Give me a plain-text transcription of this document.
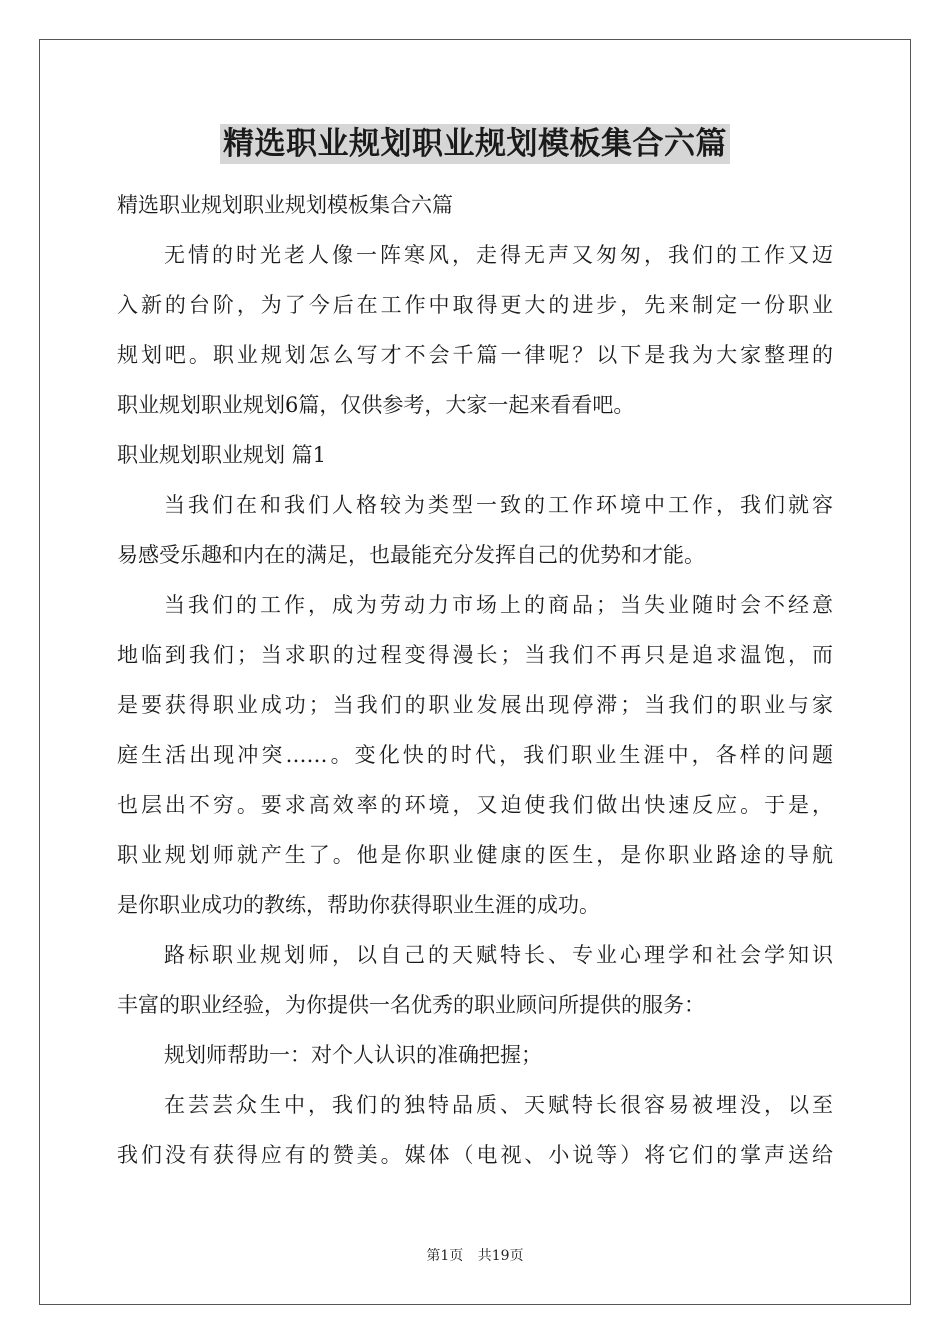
精选职业规划职业规划模板集合六篇
精选职业规划职业规划模板集合六篇
无情的时光老人像一阵寒风，走得无声又匆匆，我们的工作又迈
入新的台阶，为了今后在工作中取得更大的进步，先来制定一份职业
规划吧。职业规划怎么写才不会千篇一律呢？以下是我为大家整理的
职业规划职业规划6篇，仅供参考，大家一起来看看吧。
职业规划职业规划 篇1
当我们在和我们人格较为类型一致的工作环境中工作，我们就容
易感受乐趣和内在的满足，也最能充分发挥自己的优势和才能。
当我们的工作，成为劳动力市场上的商品；当失业随时会不经意
地临到我们；当求职的过程变得漫长；当我们不再只是追求温饱，而
是要获得职业成功；当我们的职业发展出现停滞；当我们的职业与家
庭生活出现冲突……。变化快的时代，我们职业生涯中，各样的问题
也层出不穷。要求高效率的环境，又迫使我们做出快速反应。于是，
职业规划师就产生了。他是你职业健康的医生，是你职业路途的导航
是你职业成功的教练，帮助你获得职业生涯的成功。
路标职业规划师，以自己的天赋特长、专业心理学和社会学知识
丰富的职业经验，为你提供一名优秀的职业顾问所提供的服务：
规划师帮助一：对个人认识的准确把握；
在芸芸众生中，我们的独特品质、天赋特长很容易被埋没，以至
我们没有获得应有的赞美。媒体（电视、小说等）将它们的掌声送给
第1页 共19页
